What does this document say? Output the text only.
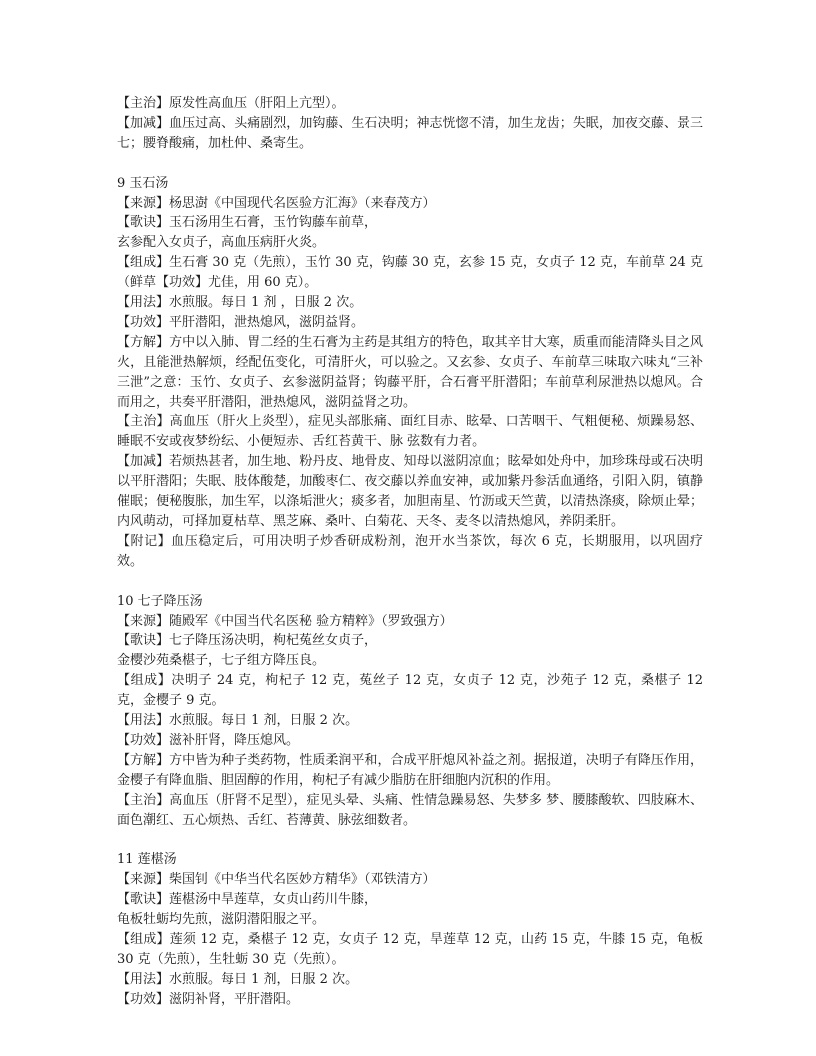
【主治】原发性高血压（肝阳上亢型）。

【加减】血压过高、头痛剧烈，加钩藤、生石决明；神志恍惚不清，加生龙齿；失眠，加夜交藤、景三七；腰脊酸痛，加杜仲、桑寄生。

9 玉石汤

【来源】杨思澍《中国现代名医验方汇海》（来春茂方）

【歌诀】玉石汤用生石膏，玉竹钩藤车前草，

玄参配入女贞子，高血压病肝火炎。

【组成】生石膏 30 克（先煎），玉竹 30 克，钩藤 30 克，玄参 15 克，女贞子 12 克，车前草 24 克（鲜草【功效】尤佳，用 60 克）。

【用法】水煎服。每日 1 剂 ，日服 2 次。

【功效】平肝潜阳，泄热熄风，滋阴益肾。

【方解】方中以入肺、胃二经的生石膏为主药是其组方的特色，取其辛甘大寒，质重而能清降头目之风火，且能泄热解烦，经配伍变化，可清肝火，可以验之。又玄参、女贞子、车前草三味取六味丸“三补三泄”之意：玉竹、女贞子、玄参滋阴益肾；钩藤平肝，合石膏平肝潜阳；车前草利尿泄热以熄风。合而用之，共奏平肝潜阳，泄热熄风，滋阴益肾之功。

【主治】高血压（肝火上炎型），症见头部胀痛、面红目赤、眩晕、口苦咽干、气粗便秘、烦躁易怒、睡眠不安或夜梦纷纭、小便短赤、舌红苔黄干、脉 弦数有力者。

【加减】若烦热甚者，加生地、粉丹皮、地骨皮、知母以滋阴凉血；眩晕如处舟中，加珍珠母或石决明以平肝潜阳；失眠、肢体酸楚，加酸枣仁、夜交藤以养血安神，或加紫丹参活血通络，引阳入阴，镇静催眠；便秘腹胀，加生军，以涤垢泄火；痰多者，加胆南星、竹沥或天竺黄，以清热涤痰，除烦止晕；内风萌动，可择加夏枯草、黑芝麻、桑叶、白菊花、天冬、麦冬以清热熄风，养阴柔肝。

【附记】血压稳定后，可用决明子炒香研成粉剂，泡开水当茶饮，每次 6 克，长期服用，以巩固疗效。

10 七子降压汤

【来源】随殿军《中国当代名医秘 验方精粹》（罗致强方）

【歌诀】七子降压汤决明，枸杞菟丝女贞子，

金樱沙苑桑椹子，七子组方降压良。

【组成】决明子 24 克，枸杞子 12 克，菟丝子 12 克，女贞子 12 克，沙苑子 12 克，桑椹子 12 克，金樱子 9 克。

【用法】水煎服。每日 1 剂，日服 2 次。

【功效】滋补肝肾，降压熄风。

【方解】方中皆为种子类药物，性质柔润平和，合成平肝熄风补益之剂。据报道，决明子有降压作用，金樱子有降血脂、胆固醇的作用，枸杞子有减少脂肪在肝细胞内沉积的作用。

【主治】高血压（肝肾不足型），症见头晕、头痛、性情急躁易怒、失梦多 梦、腰膝酸软、四肢麻木、面色潮红、五心烦热、舌红、苔薄黄、脉弦细数者。

11 莲椹汤

【来源】柴国钊《中华当代名医妙方精华》（邓铁清方）

【歌诀】莲椹汤中旱莲草，女贞山药川牛膝，

龟板牡蛎均先煎，滋阴潜阳服之平。

【组成】莲须 12 克，桑椹子 12 克，女贞子 12 克，旱莲草 12 克，山药 15 克，牛膝 15 克，龟板 30 克（先煎），生牡蛎 30 克（先煎）。

【用法】水煎服。每日 1 剂，日服 2 次。

【功效】滋阴补肾，平肝潜阳。
